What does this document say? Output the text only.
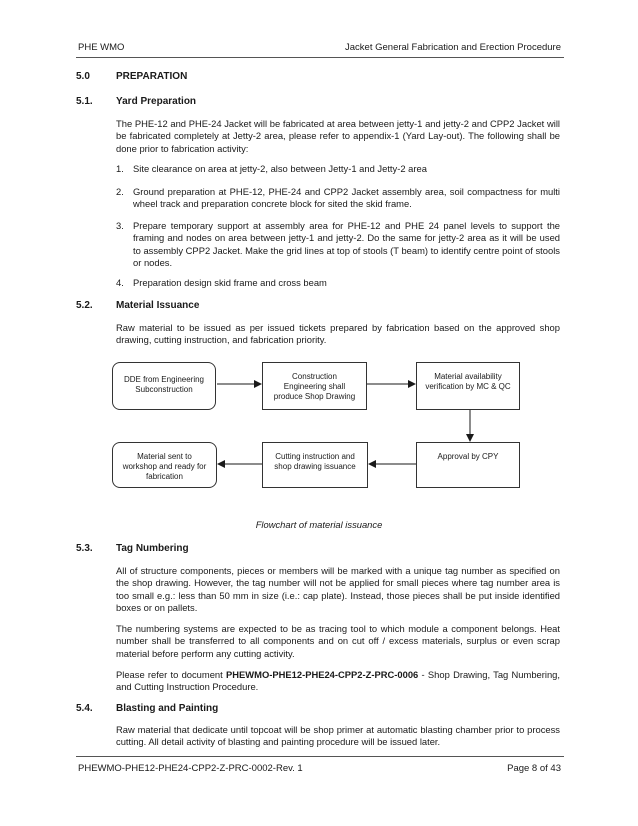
PHE WMO	Jacket General Fabrication and Erection Procedure
5.0	PREPARATION
5.1. Yard Preparation
The PHE-12 and PHE-24 Jacket will be fabricated at area between jetty-1 and jetty-2 and CPP2 Jacket will be fabricated completely at Jetty-2 area, please refer to appendix-1 (Yard Lay-out). The following shall be done prior to fabrication activity:
1. Site clearance on area at jetty-2, also between Jetty-1 and Jetty-2 area
2. Ground preparation at PHE-12, PHE-24 and CPP2 Jacket assembly area, soil compactness for multi wheel track and preparation concrete block for sited the skid frame.
3. Prepare temporary support at assembly area for PHE-12 and PHE 24 panel levels to support the framing and nodes on area between jetty-1 and jetty-2. Do the same for jetty-2 area as it will be used to assembly CPP2 Jacket. Make the grid lines at top of stools (T beam) to identify centre point of stools or nodes.
4. Preparation design skid frame and cross beam
5.2. Material Issuance
Raw material to be issued as per issued tickets prepared by fabrication based on the approved shop drawing, cutting instruction, and fabrication priority.
DDE from Engineering
Subconstruction
Construction
Engineering shall
produce Shop Drawing
Material availability
verification by MC & QC
Approval by CPY
Cutting instruction and
shop drawing issuance
Material sent to
workshop and ready for
fabrication
Flowchart of material issuance
5.3. Tag Numbering
All of structure components, pieces or members will be marked with a unique tag number as specified on the shop drawing. However, the tag number will not be applied for small pieces where tag number area is too small e.g.: less than 50 mm in size (i.e.: cap plate). Instead, those pieces shall be put inside identified boxes or on pallets.
The numbering systems are expected to be as tracing tool to which module a component belongs. Heat number shall be transferred to all components and on cut off / excess materials, surplus or even scrap material before perform any cutting activity.
Please refer to document PHEWMO-PHE12-PHE24-CPP2-Z-PRC-0006 - Shop Drawing, Tag Numbering, and Cutting Instruction Procedure.
5.4. Blasting and Painting
Raw material that dedicate until topcoat will be shop primer at automatic blasting chamber prior to process cutting. All detail activity of blasting and painting procedure will be issued later.
PHEWMO-PHE12-PHE24-CPP2-Z-PRC-0002-Rev. 1	Page 8 of 43
